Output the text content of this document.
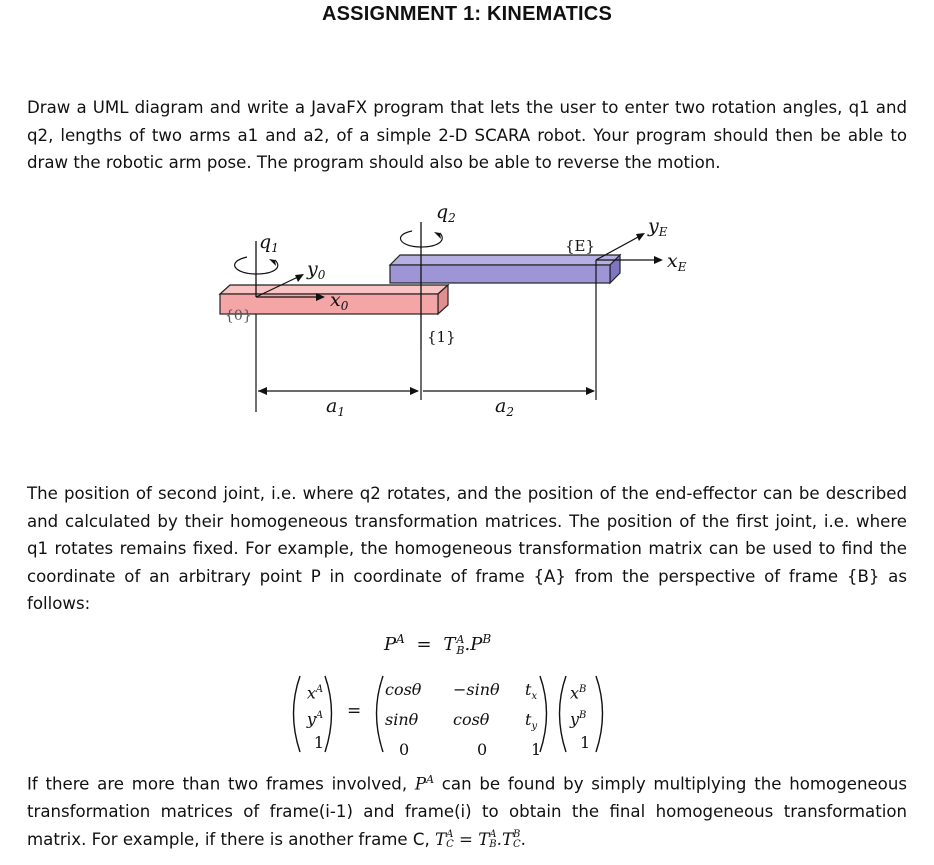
ASSIGNMENT 1: KINEMATICS
Draw a UML diagram and write a JavaFX program that lets the user to enter two rotation angles, q1 and q2, lengths of two arms a1 and a2, of a simple 2-D SCARA robot. Your program should then be able to draw the robotic arm pose. The program should also be able to reverse the motion.
$q_1$
$q_2$
$y_0$
$x_0$
{0}
{1}
{E}
$y_E$
$x_E$
$a_1$	$a_2$
The position of second joint, i.e. where q2 rotates, and the position of the end-effector can be described and calculated by their homogeneous transformation matrices. The position of the first joint, i.e. where q1 rotates remains fixed. For example, the homogeneous transformation matrix can be used to find the coordinate of an arbitrary point P in coordinate of frame {A} from the perspective of frame {B} as follows:
$P^A = T$ A
B $.P^B$
$x^A$
$y^A$
1
=
cosθ	−sinθ	$t_x$
sinθ	cosθ	$t_y$
0	0	1
$x^B$
$y^B$
1
If there are more than two frames involved, $P^A$ can be found by simply multiplying the homogeneous transformation matrices of frame(i-1) and frame(i) to obtain the final homogeneous transformation matrix. For example, if there is another frame C, T A
C = T A
B .T B
C .
